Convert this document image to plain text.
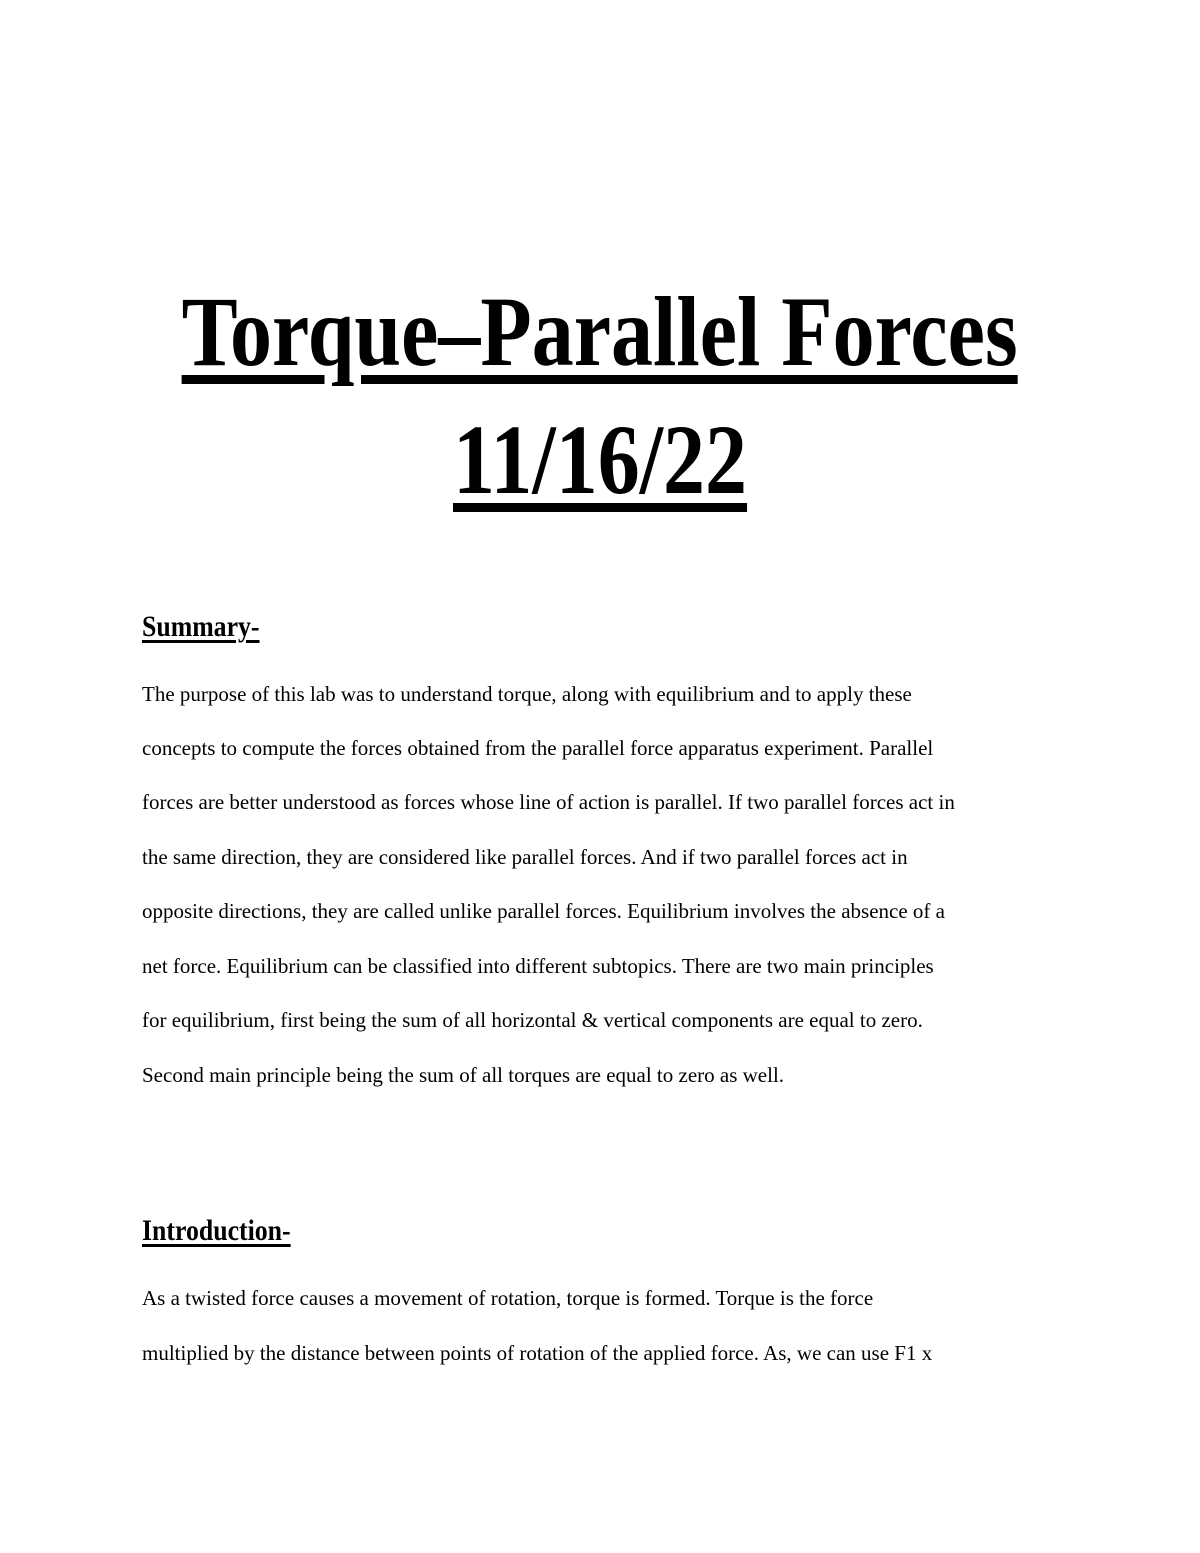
Torque–Parallel Forces
11/16/22
Summary-
The purpose of this lab was to understand torque, along with equilibrium and to apply these
concepts to compute the forces obtained from the parallel force apparatus experiment. Parallel
forces are better understood as forces whose line of action is parallel. If two parallel forces act in
the same direction, they are considered like parallel forces. And if two parallel forces act in
opposite directions, they are called unlike parallel forces. Equilibrium involves the absence of a
net force. Equilibrium can be classified into different subtopics. There are two main principles
for equilibrium, first being the sum of all horizontal & vertical components are equal to zero.
Second main principle being the sum of all torques are equal to zero as well.
Introduction-
As a twisted force causes a movement of rotation, torque is formed. Torque is the force
multiplied by the distance between points of rotation of the applied force. As, we can use F1 x
